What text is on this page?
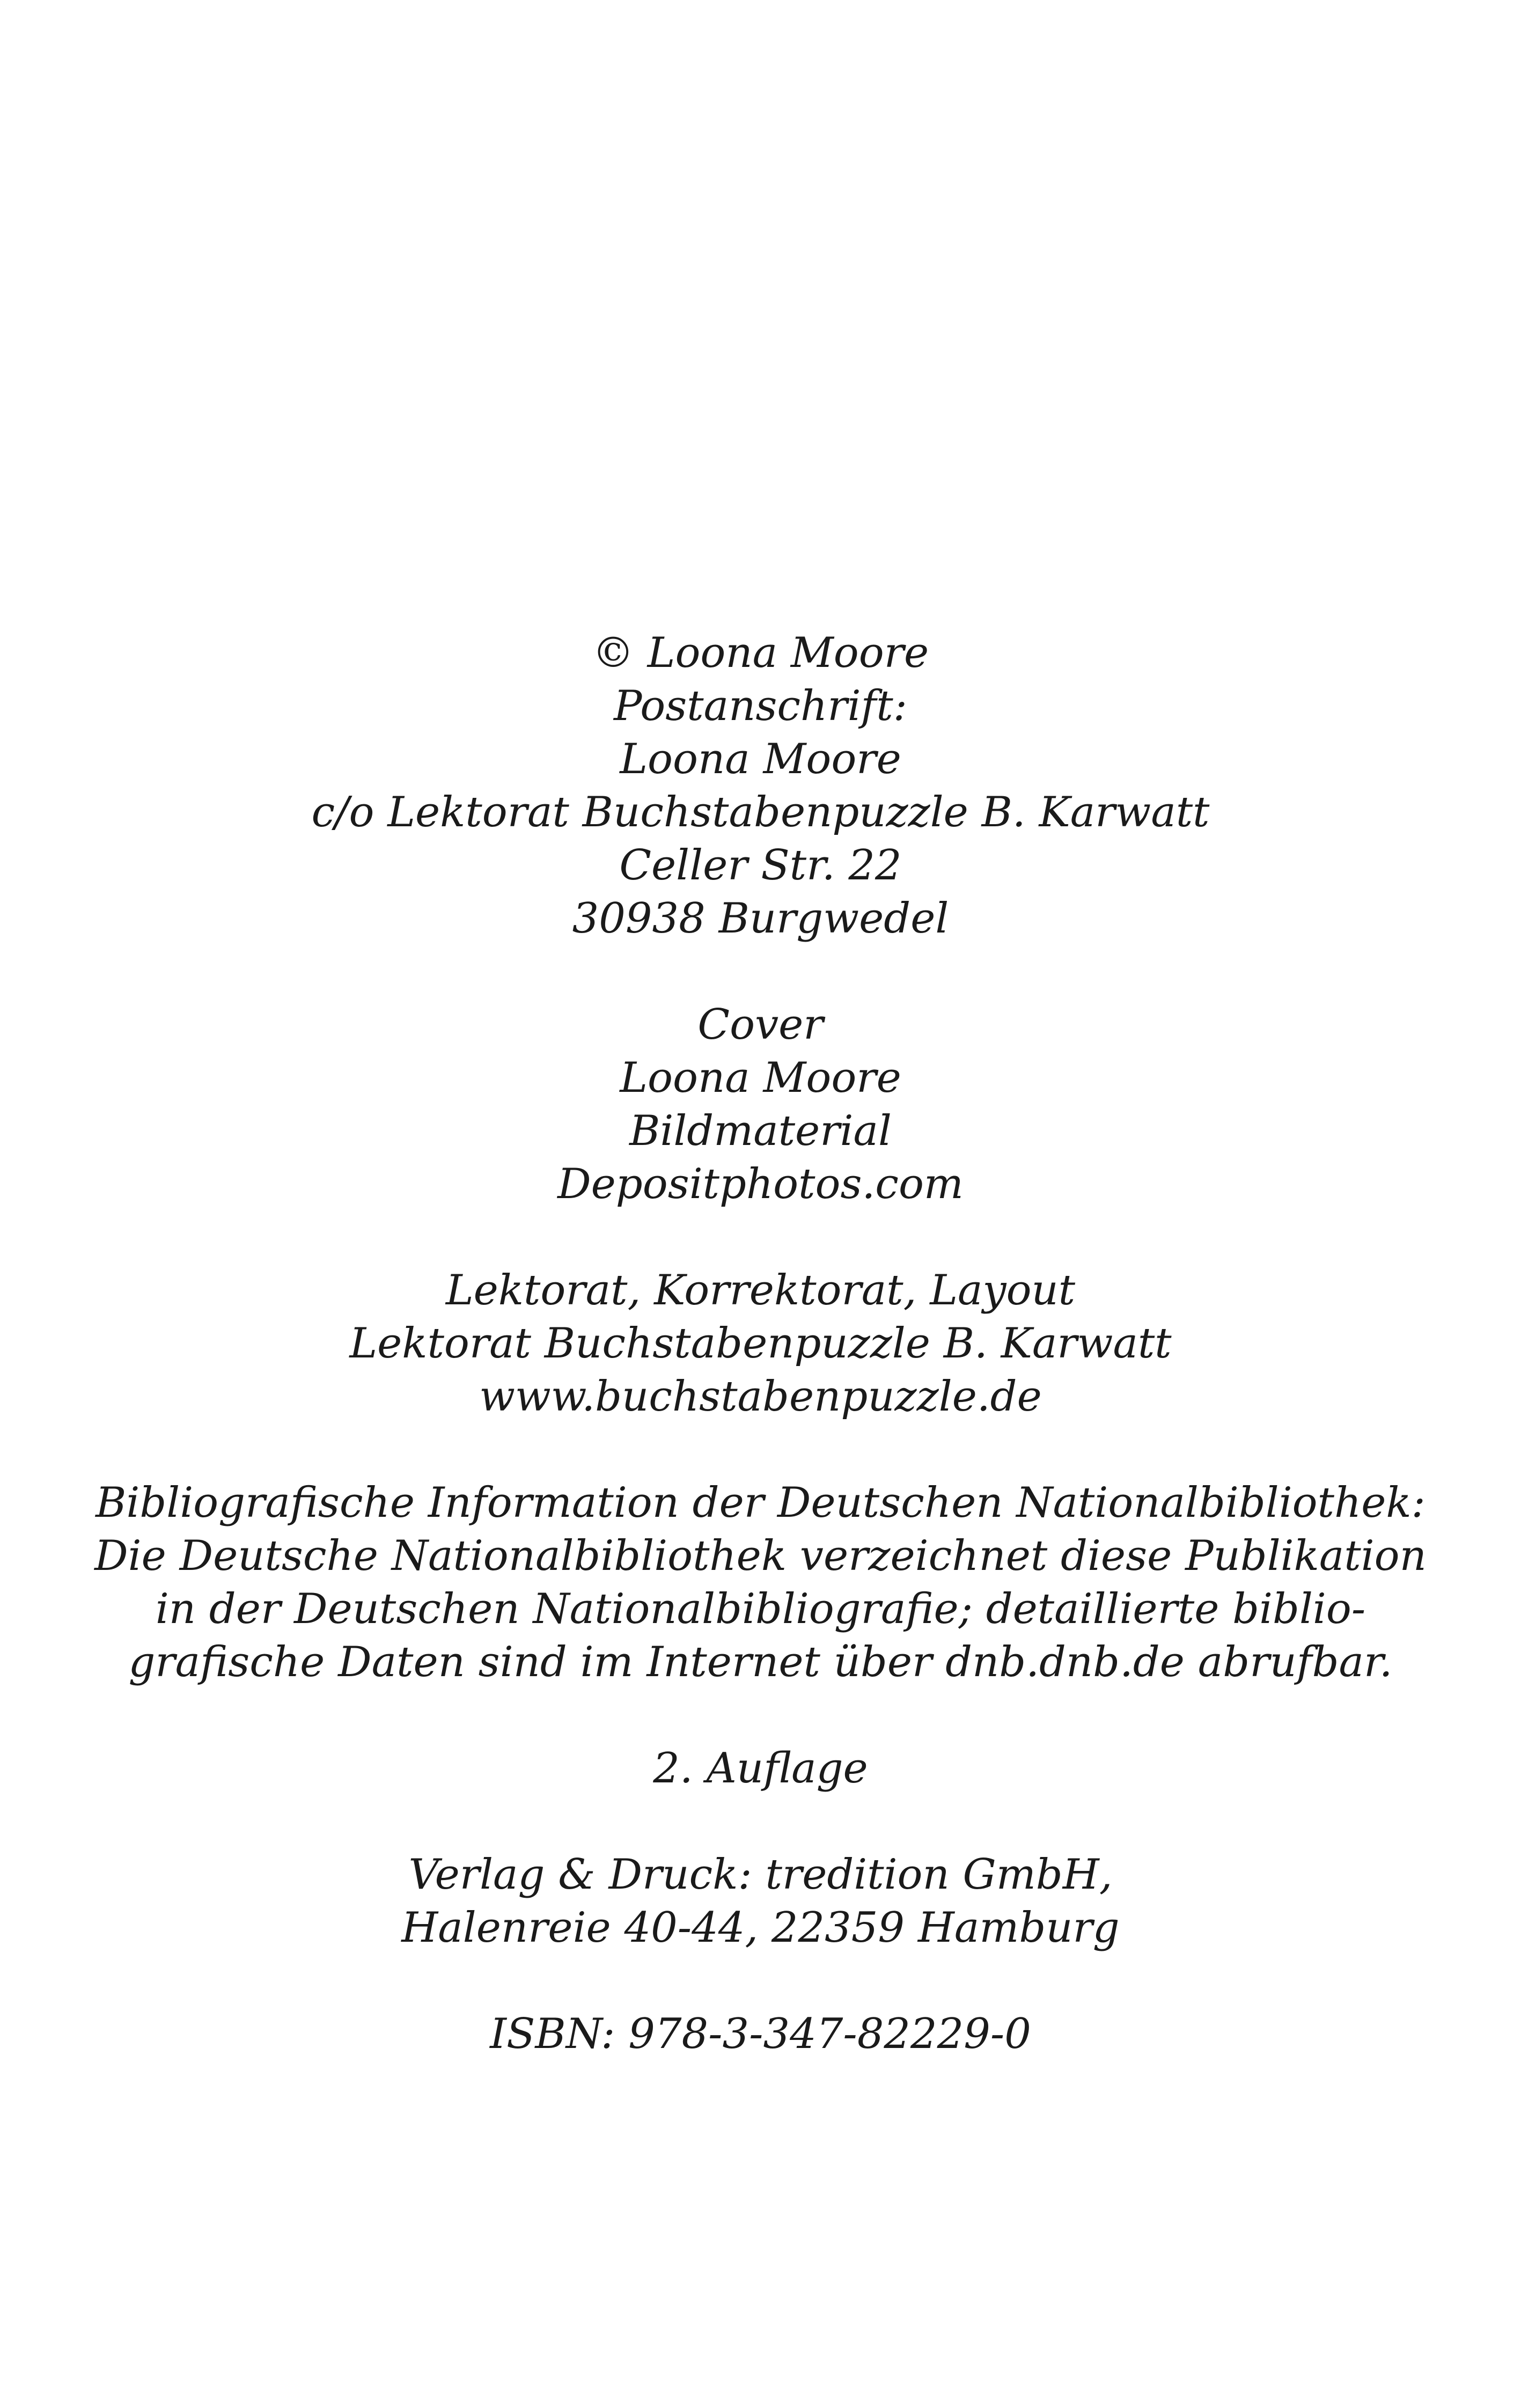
© Loona Moore
Postanschrift:
Loona Moore
c/o Lektorat Buchstabenpuzzle B. Karwatt
Celler Str. 22
30938 Burgwedel
Cover
Loona Moore
Bildmaterial
Depositphotos.com
Lektorat, Korrektorat, Layout
Lektorat Buchstabenpuzzle B. Karwatt
www.buchstabenpuzzle.de
Bibliografische Information der Deutschen Nationalbibliothek:
Die Deutsche Nationalbibliothek verzeichnet diese Publikation
in der Deutschen Nationalbibliografie; detaillierte biblio-
grafische Daten sind im Internet über dnb.dnb.de abrufbar.
2. Auflage
Verlag & Druck: tredition GmbH,
Halenreie 40-44, 22359 Hamburg
ISBN: 978-3-347-82229-0
